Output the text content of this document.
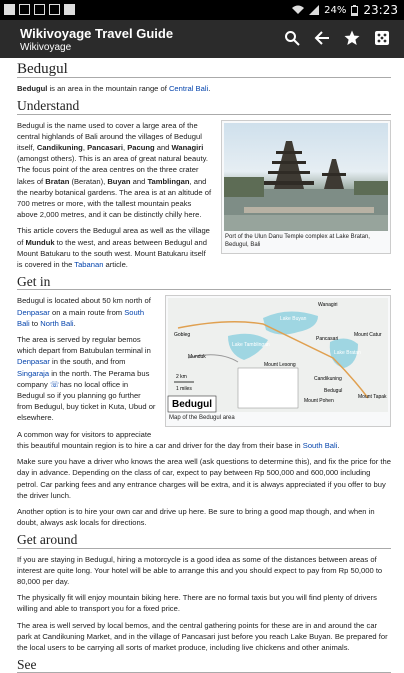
24% 23:23
Wikivoyage Travel Guide
Wikivoyage
Bedugul

Bedugul is an area in the mountain range of Central Bali.

Understand
Port of the Ulun Danu Temple complex at Lake Bratan, Bedugul, Bali

Bedugul is the name used to cover a large area of the central highlands of Bali around the villages of Bedugul itself, Candikuning, Pancasari, Pacung and Wanagiri (amongst others). This is an area of great natural beauty. The focus point of the area centres on the three crater lakes of Bratan (Beratan), Buyan and Tamblingan, and the nearby botanical gardens. The area is at an altitude of 700 metres or more, with the tallest mountain peaks above 2,000 metres, and it can be distinctly chilly here.

This article covers the Bedugul area as well as the village of Munduk to the west, and areas between Bedugul and Mount Batukaru to the south west. Mount Batukaru itself is covered in the Tabanan article.

Get in
Bedugul
Wanagiri
Lake Buyan
Lake Tamblingan
Lake Bratan
Munduk
Gobleg
Pancasari
Candikuning
Bedugul
Mount Lesong
Mount Catur
Mount Tapak
Mount Pohen
2 km
1 miles
Map of the Bedugul area

Bedugul is located about 50 km north of Denpasar on a main route from South Bali to North Bali.

The area is served by regular bemos which depart from Batubulan terminal in Denpasar in the south, and from Singaraja in the north. The Perama bus company ☏has no local office in Bedugul so if you planning go further from Bedugul, buy ticket in Kuta, Ubud or elsewhere.

A common way for visitors to appreciate this beautiful mountain region is to hire a car and driver for the day from their base in South Bali.

Make sure you have a driver who knows the area well (ask questions to determine this), and fix the price for the day in advance. Depending on the class of car, expect to pay between Rp 500,000 and 600,000 including petrol. Car parking fees and any entrance charges will be extra, and it is always appreciated if you offer to buy the driver lunch.

Another option is to hire your own car and drive up here. Be sure to bring a good map though, and when in doubt, always ask locals for directions.

Get around

If you are staying in Bedugul, hiring a motorcycle is a good idea as some of the distances between areas of interest are quite long. Your hotel will be able to arrange this and you should expect to pay from Rp 50,000 to 80,000 per day.

The physically fit will enjoy mountain biking here. There are no formal taxis but you will find plenty of drivers willing and able to transport you for a fixed price.

The area is well served by local bemos, and the central gathering points for these are in and around the car park at Candikuning Market, and in the village of Pancasari just before you reach Lake Buyan. Be prepared for the local users to be carrying all sorts of market produce, including live chickens and other animals.

See
